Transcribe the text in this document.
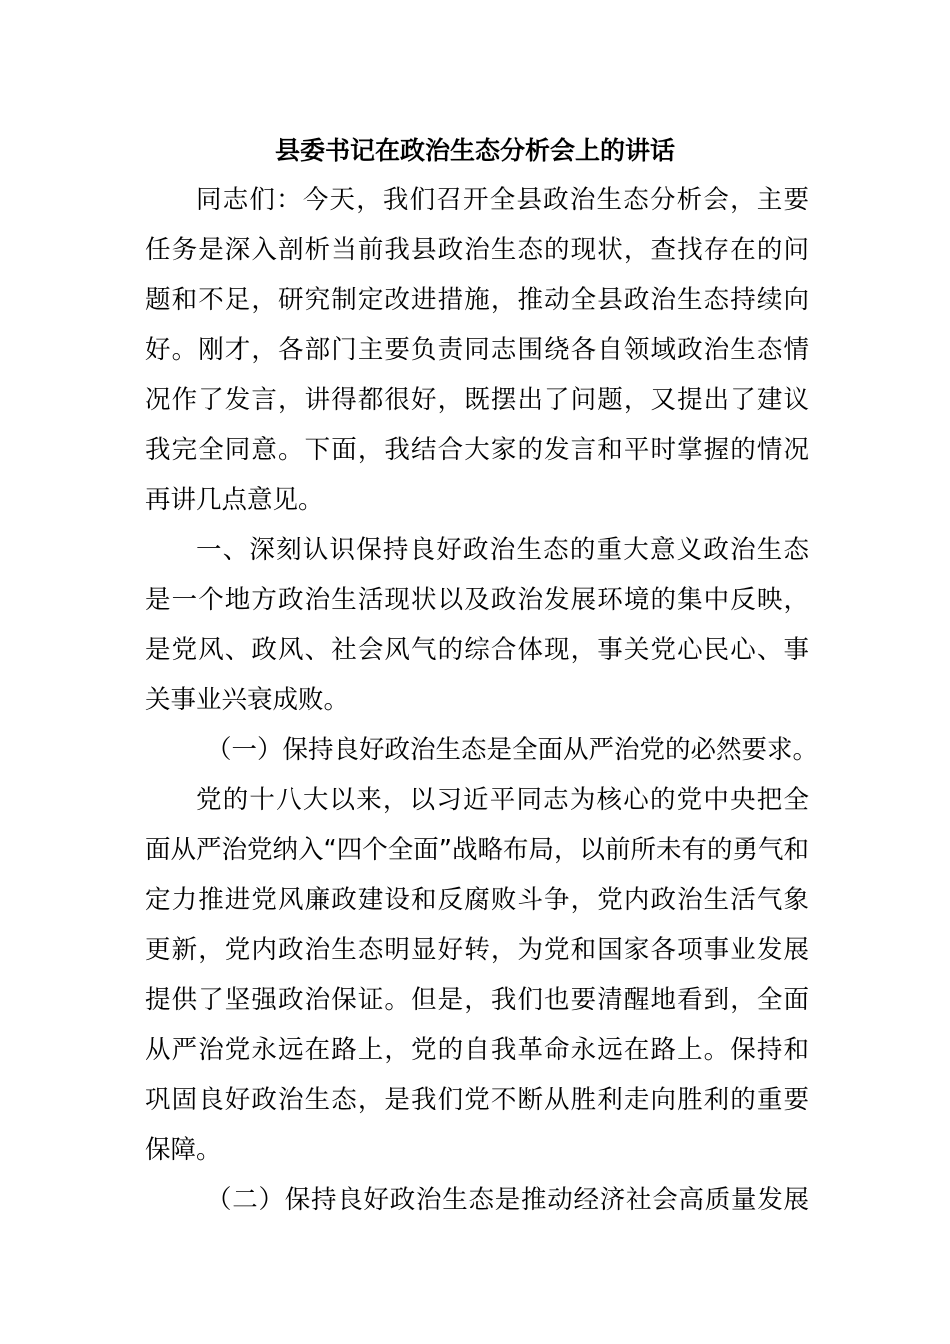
县委书记在政治生态分析会上的讲话

同志们：今天，我们召开全县政治生态分析会，主要

任务是深入剖析当前我县政治生态的现状，查找存在的问

题和不足，研究制定改进措施，推动全县政治生态持续向

好。刚才，各部门主要负责同志围绕各自领域政治生态情

况作了发言，讲得都很好，既摆出了问题，又提出了建议

我完全同意。下面，我结合大家的发言和平时掌握的情况

再讲几点意见。

一、深刻认识保持良好政治生态的重大意义政治生态

是一个地方政治生活现状以及政治发展环境的集中反映，

是党风、政风、社会风气的综合体现，事关党心民心、事

关事业兴衰成败。

（一）保持良好政治生态是全面从严治党的必然要求。

党的十八大以来，以习近平同志为核心的党中央把全

面从严治党纳入“四个全面”战略布局，以前所未有的勇气和

定力推进党风廉政建设和反腐败斗争，党内政治生活气象

更新，党内政治生态明显好转，为党和国家各项事业发展

提供了坚强政治保证。但是，我们也要清醒地看到，全面

从严治党永远在路上，党的自我革命永远在路上。保持和

巩固良好政治生态，是我们党不断从胜利走向胜利的重要

保障。

（二）保持良好政治生态是推动经济社会高质量发展
